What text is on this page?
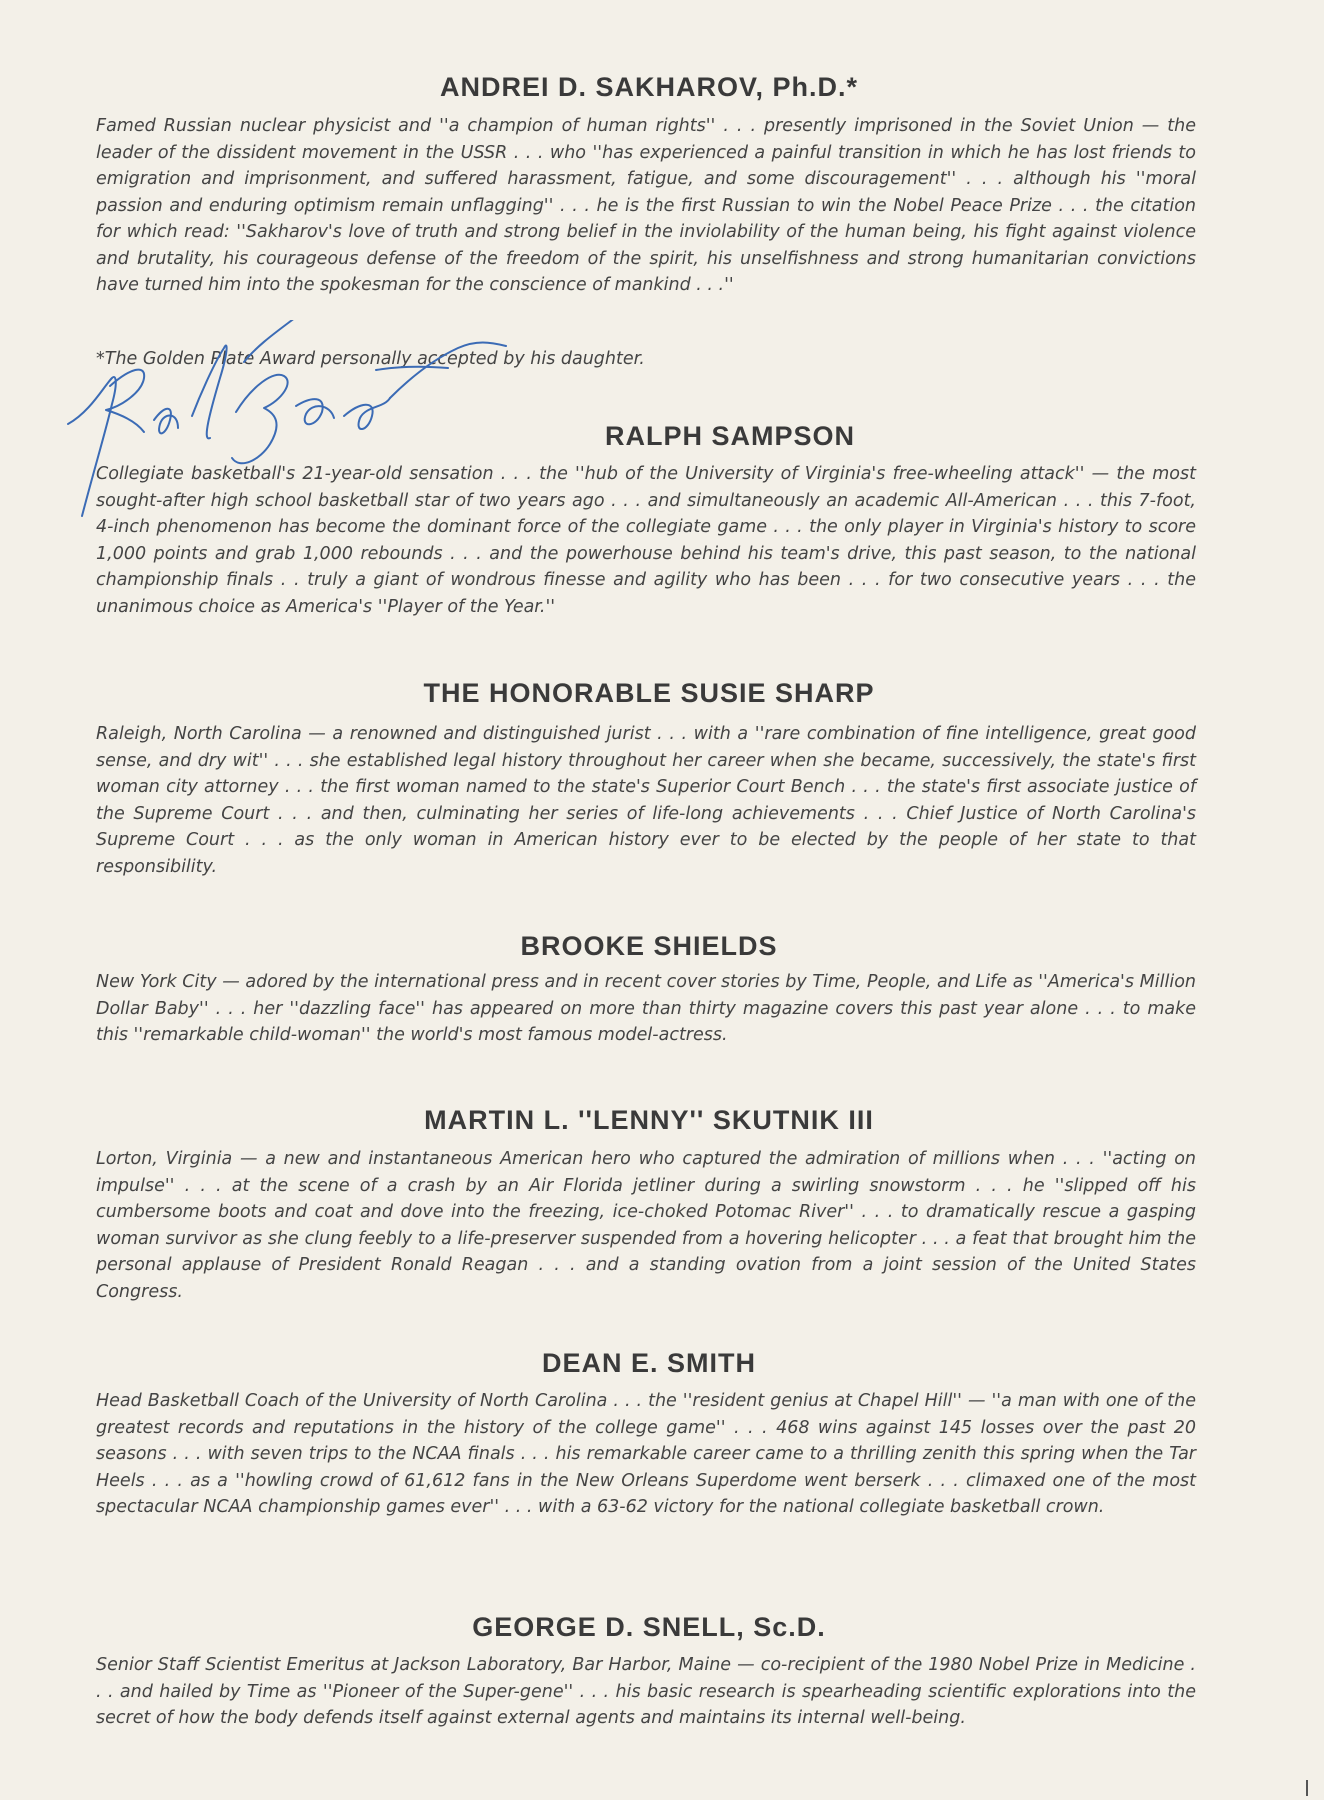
ANDREI D. SAKHAROV, Ph.D.*

Famed Russian nuclear physicist and ''a champion of human rights'' . . . presently imprisoned in the Soviet Union — the leader of the dissident movement in the USSR . . . who ''has experienced a painful transition in which he has lost friends to emigration and imprisonment, and suffered harassment, fatigue, and some discouragement'' . . . although his ''moral passion and enduring optimism remain unflagging'' . . . he is the first Russian to win the Nobel Peace Prize . . . the citation for which read: ''Sakharov's love of truth and strong belief in the inviolability of the human being, his fight against violence and brutality, his courageous defense of the freedom of the spirit, his unselfishness and strong humanitarian convictions have turned him into the spokesman for the conscience of mankind . . .''

*The Golden Plate Award personally accepted by his daughter.

RALPH SAMPSON

Collegiate basketball's 21-year-old sensation . . . the ''hub of the University of Virginia's free-wheeling attack'' — the most sought-after high school basketball star of two years ago . . . and simultaneously an academic All-American . . . this 7-foot, 4-inch phenomenon has become the dominant force of the collegiate game . . . the only player in Virginia's history to score 1,000 points and grab 1,000 rebounds . . . and the powerhouse behind his team's drive, this past season, to the national championship finals . . truly a giant of wondrous finesse and agility who has been . . . for two consecutive years . . . the unanimous choice as America's ''Player of the Year.''

THE HONORABLE SUSIE SHARP

Raleigh, North Carolina — a renowned and distinguished jurist . . . with a ''rare combination of fine intelligence, great good sense, and dry wit'' . . . she established legal history throughout her career when she became, successively, the state's first woman city attorney . . . the first woman named to the state's Superior Court Bench . . . the state's first associate justice of the Supreme Court . . . and then, culminating her series of life-long achievements . . . Chief Justice of North Carolina's Supreme Court . . . as the only woman in American history ever to be elected by the people of her state to that responsibility.

BROOKE SHIELDS

New York City — adored by the international press and in recent cover stories by Time, People, and Life as ''America's Million Dollar Baby'' . . . her ''dazzling face'' has appeared on more than thirty magazine covers this past year alone . . . to make this ''remarkable child-woman'' the world's most famous model-actress.

MARTIN L. ''LENNY'' SKUTNIK III

Lorton, Virginia — a new and instantaneous American hero who captured the admiration of millions when . . . ''acting on impulse'' . . . at the scene of a crash by an Air Florida jetliner during a swirling snowstorm . . . he ''slipped off his cumbersome boots and coat and dove into the freezing, ice-choked Potomac River'' . . . to dramatically rescue a gasping woman survivor as she clung feebly to a life-preserver suspended from a hovering helicopter . . . a feat that brought him the personal applause of President Ronald Reagan . . . and a standing ovation from a joint session of the United States Congress.

DEAN E. SMITH

Head Basketball Coach of the University of North Carolina . . . the ''resident genius at Chapel Hill'' — ''a man with one of the greatest records and reputations in the history of the college game'' . . . 468 wins against 145 losses over the past 20 seasons . . . with seven trips to the NCAA finals . . . his remarkable career came to a thrilling zenith this spring when the Tar Heels . . . as a ''howling crowd of 61,612 fans in the New Orleans Superdome went berserk . . . climaxed one of the most spectacular NCAA championship games ever'' . . . with a 63-62 victory for the national collegiate basketball crown.

GEORGE D. SNELL, Sc.D.

Senior Staff Scientist Emeritus at Jackson Laboratory, Bar Harbor, Maine — co-recipient of the 1980 Nobel Prize in Medicine . . . and hailed by Time as ''Pioneer of the Super-gene'' . . . his basic research is spearheading scientific explorations into the secret of how the body defends itself against external agents and maintains its internal well-being.
